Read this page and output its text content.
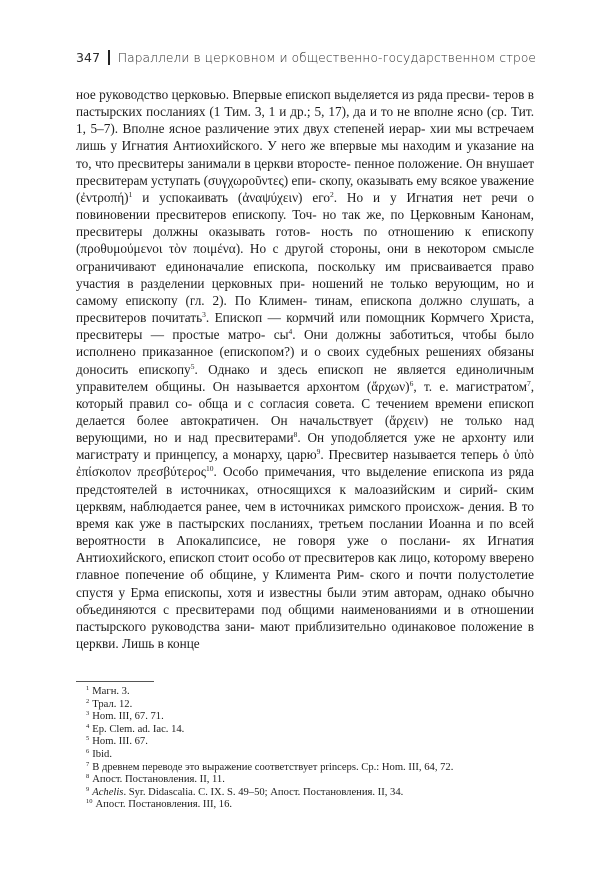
347 Параллели в церковном и общественно-государственном строе

ное руководство церковью. Впервые епископ выделяется из ряда пресви- теров в пастырских посланиях (1 Тим. 3, 1 и др.; 5, 17), да и то не вполне ясно (ср. Тит. 1, 5–7). Вполне ясное различение этих двух степеней иерар- хии мы встречаем лишь у Игнатия Антиохийского. У него же впервые мы находим и указание на то, что пресвитеры занимали в церкви второсте- пенное положение. Он внушает пресвитерам уступать (συγχωροῦντες) епи- скопу, оказывать ему всякое уважение (ἐντροπή)$^1$ и успокаивать (ἀναψύχειν) его$^2$. Но и у Игнатия нет речи о повиновении пресвитеров епископу. Точ- но так же, по Церковным Канонам, пресвитеры должны оказывать готов- ность по отношению к епископу (προθυμούμενοι τὸν ποιμένα). Но с другой стороны, они в некотором смысле ограничивают единоначалие епископа, поскольку им присваивается право участия в разделении церковных при- ношений не только верующим, но и самому епископу (гл. 2). По Климен- тинам, епископа должно слушать, а пресвитеров почитать$^3$. Епископ — кормчий или помощник Кормчего Христа, пресвитеры — простые матро- $сы^4$. Они должны заботиться, чтобы было исполнено приказанное (епископом?) и о своих судебных решениях обязаны доносить епископу$^5$. Однако и здесь епископ не является единоличным управителем общины. Он называется архонтом (ἄρχων)$^6$, т. е. магистратом$^7$, который правил со- обща и с согласия совета. С течением времени епископ делается более автократичен. Он начальствует (ἄρχειν) не только над верующими, но и над пресвитерами$^8$. Он уподобляется уже не архонту или магистрату и принцепсу, а монарху, царю$^9$. Пресвитер называется теперь ὁ ὑπὸ ἐπίσκοπον πρεσβύτερος$^{10}$. Особо примечания, что выделение епископа из ряда предстоятелей в источниках, относящихся к малоазийским и сирий- ским церквям, наблюдается ранее, чем в источниках римского происхож- дения. В то время как уже в пастырских посланиях, третьем послании Иоанна и по всей вероятности в Апокалипсисе, не говоря уже о послани- ях Игнатия Антиохийского, епископ стоит особо от пресвитеров как лицо, которому вверено главное попечение об общине, у Климента Рим- ского и почти полустолетие спустя у Ерма епископы, хотя и известны были этим авторам, однако обычно объединяются с пресвитерами под общими наименованиями и в отношении пастырского руководства зани- мают приблизительно одинаковое положение в церкви. Лишь в конце

$^1$ Магн. 3.
$^2$ Трал. 12.
$^3$ Hom. III, 67. 71.
$^4$ Ep. Clem. ad. Iac. 14.
$^5$ Hom. III. 67.
$^6$ Ibid.
$^7$ В древнем переводе это выражение соответствует princeps. Ср.: Hom. III, 64, 72.
$^8$ Апост. Постановления. II, 11.
$^9$ Achelis. Syr. Didascalia. C. IX. S. 49–50; Апост. Постановления. II, 34.
$^{10}$ Апост. Постановления. III, 16.
